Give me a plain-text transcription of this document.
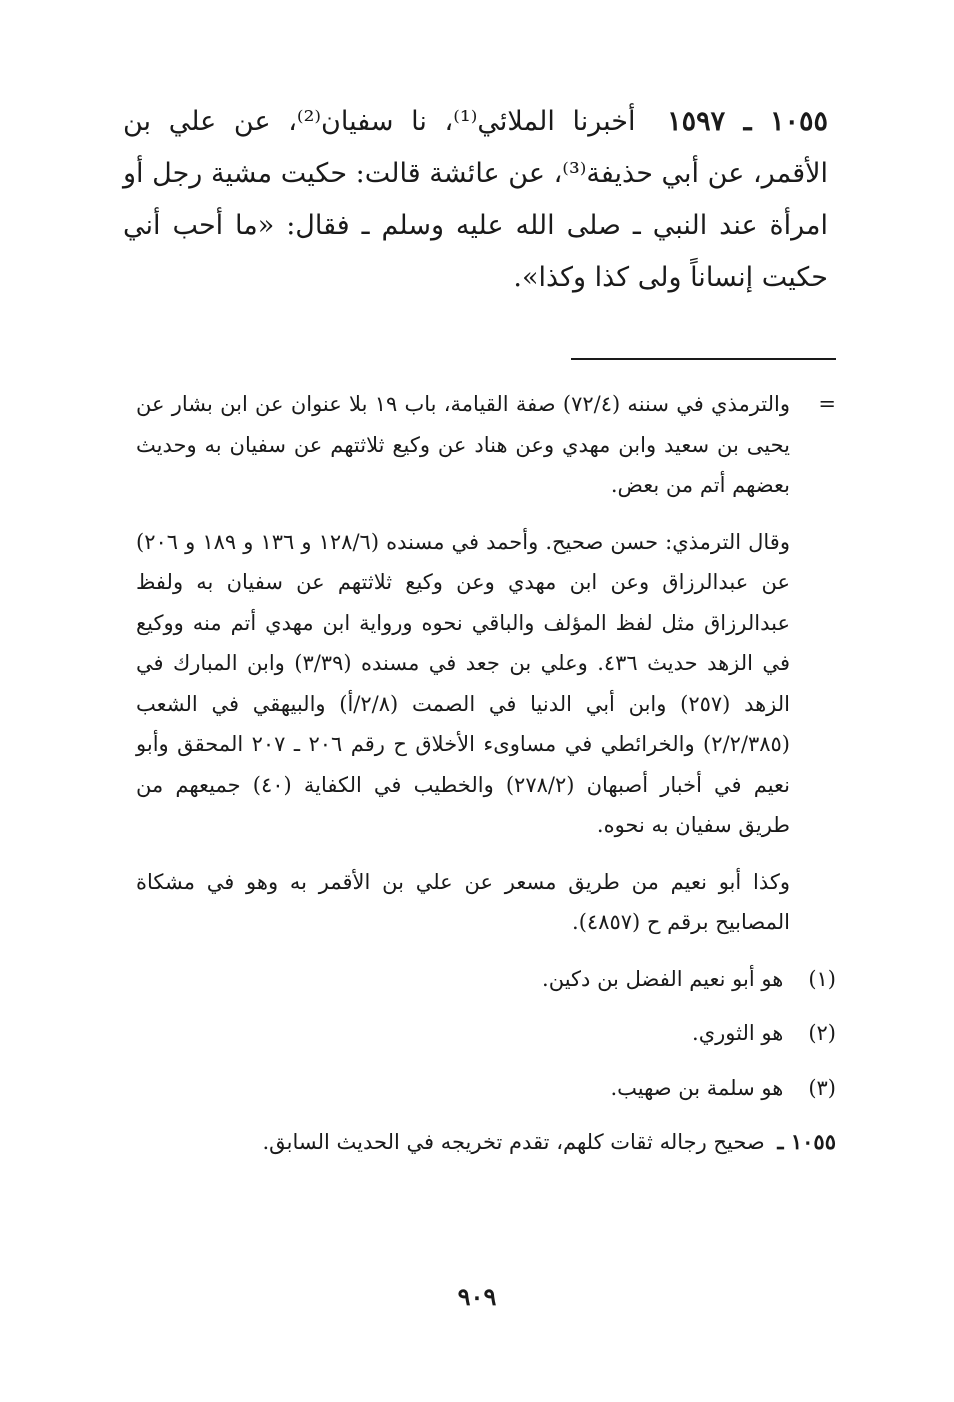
١٠٥٥ ـ ١٥٩٧ أخبرنا الملائي⁽¹⁾، نا سفيان⁽²⁾، عن علي بن الأقمر، عن أبي حذيفة⁽³⁾، عن عائشة قالت: حكيت مشية رجل أو امرأة عند النبي ـ صلى الله عليه وسلم ـ فقال: «ما أحب أني حكيت إنساناً ولى كذا وكذا».

=
والترمذي في سننه (٧٢/٤) صفة القيامة، باب ١٩ بلا عنوان عن ابن بشار عن يحيى بن سعيد وابن مهدي وعن هناد عن وكيع ثلاثتهم عن سفيان به وحديث بعضهم أتم من بعض.

وقال الترمذي: حسن صحيح. وأحمد في مسنده (١٢٨/٦ و ١٣٦ و ١٨٩ و ٢٠٦) عن عبدالرزاق وعن ابن مهدي وعن وكيع ثلاثتهم عن سفيان به ولفظ عبدالرزاق مثل لفظ المؤلف والباقي نحوه ورواية ابن مهدي أتم منه ووكيع في الزهد حديث ٤٣٦. وعلي بن جعد في مسنده (٣/٣٩) وابن المبارك في الزهد (٢٥٧) وابن أبي الدنيا في الصمت (٢/٨/أ) والبيهقي في الشعب (٢/٢/٣٨٥) والخرائطي في مساوىء الأخلاق ح رقم ٢٠٦ ـ ٢٠٧ المحقق وأبو نعيم في أخبار أصبهان (٢٧٨/٢) والخطيب في الكفاية (٤٠) جميعهم من طريق سفيان به نحوه.

وكذا أبو نعيم من طريق مسعر عن علي بن الأقمر به وهو في مشكاة المصابيح برقم ح (٤٨٥٧).

(١) هو أبو نعيم الفضل بن دكين.

(٢) هو الثوري.

(٣) هو سلمة بن صهيب.

١٠٥٥ ـ صحيح رجاله ثقات كلهم، تقدم تخريجه في الحديث السابق.

٩٠٩
